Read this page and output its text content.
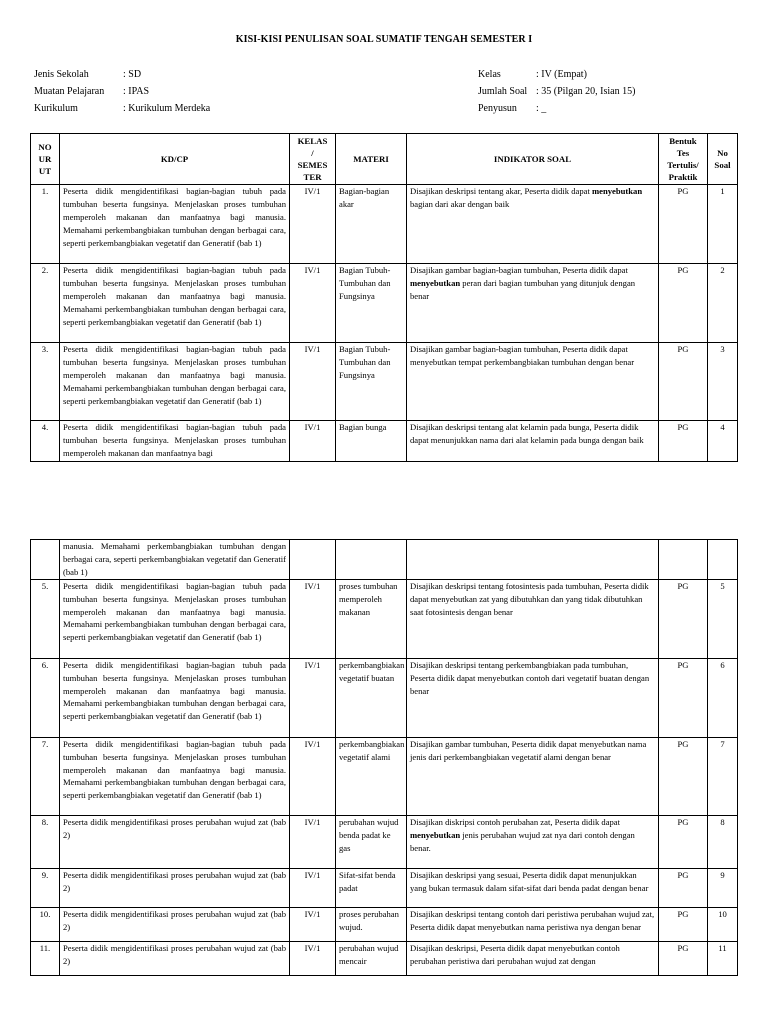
KISI-KISI PENULISAN SOAL SUMATIF TENGAH SEMESTER I
Jenis Sekolah	: SD
Muatan Pelajaran : IPAS
Kurikulum	: Kurikulum Merdeka
Kelas	: IV (Empat)
Jumlah Soal : 35 (Pilgan 20, Isian 15)
Penyusun : _
NO
UR
UT	KD/CP	KELAS
/
SEMES
TER	MATERI	INDIKATOR SOAL	Bentuk
Tes
Tertulis/
Praktik	No
Soal
1.	Peserta didik mengidentifikasi bagian-bagian tubuh pada tumbuhan beserta fungsinya. Menjelaskan proses tumbuhan memperoleh makanan dan manfaatnya bagi manusia. Memahami perkembangbiakan tumbuhan dengan berbagai cara, seperti perkembangbiakan vegetatif dan Generatif (bab 1)	IV/1	Bagian-bagian akar	Disajikan deskripsi tentang akar, Peserta didik dapat menyebutkan bagian dari akar dengan baik	PG	1
2.	Peserta didik mengidentifikasi bagian-bagian tubuh pada tumbuhan beserta fungsinya. Menjelaskan proses tumbuhan memperoleh makanan dan manfaatnya bagi manusia. Memahami perkembangbiakan tumbuhan dengan berbagai cara, seperti perkembangbiakan vegetatif dan Generatif (bab 1)	IV/1	Bagian Tubuh-Tumbuhan dan Fungsinya	Disajikan gambar bagian-bagian tumbuhan, Peserta didik dapat menyebutkan peran dari bagian tumbuhan yang ditunjuk dengan benar	PG	2
3.	Peserta didik mengidentifikasi bagian-bagian tubuh pada tumbuhan beserta fungsinya. Menjelaskan proses tumbuhan memperoleh makanan dan manfaatnya bagi manusia. Memahami perkembangbiakan tumbuhan dengan berbagai cara, seperti perkembangbiakan vegetatif dan Generatif (bab 1)	IV/1	Bagian Tubuh-Tumbuhan dan Fungsinya	Disajikan gambar bagian-bagian tumbuhan, Peserta didik dapat menyebutkan tempat perkembangbiakan tumbuhan dengan benar	PG	3
4.	Peserta didik mengidentifikasi bagian-bagian tubuh pada tumbuhan beserta fungsinya. Menjelaskan proses tumbuhan memperoleh makanan dan manfaatnya bagi	IV/1	Bagian bunga	Disajikan deskripsi tentang alat kelamin pada bunga, Peserta didik dapat menunjukkan nama dari alat kelamin pada bunga dengan baik	PG	4
	manusia. Memahami perkembangbiakan tumbuhan dengan berbagai cara, seperti perkembangbiakan vegetatif dan Generatif (bab 1)					
5.	Peserta didik mengidentifikasi bagian-bagian tubuh pada tumbuhan beserta fungsinya. Menjelaskan proses tumbuhan memperoleh makanan dan manfaatnya bagi manusia. Memahami perkembangbiakan tumbuhan dengan berbagai cara, seperti perkembangbiakan vegetatif dan Generatif (bab 1)	IV/1	proses tumbuhan memperoleh makanan	Disajikan deskripsi tentang fotosintesis pada tumbuhan, Peserta didik dapat menyebutkan zat yang dibutuhkan dan yang tidak dibutuhkan saat fotosintesis dengan benar	PG	5
6.	Peserta didik mengidentifikasi bagian-bagian tubuh pada tumbuhan beserta fungsinya. Menjelaskan proses tumbuhan memperoleh makanan dan manfaatnya bagi manusia. Memahami perkembangbiakan tumbuhan dengan berbagai cara, seperti perkembangbiakan vegetatif dan Generatif (bab 1)	IV/1	perkembangbiakan vegetatif buatan	Disajikan deskripsi tentang perkembangbiakan pada tumbuhan, Peserta didik dapat menyebutkan contoh dari vegetatif buatan dengan benar	PG	6
7.	Peserta didik mengidentifikasi bagian-bagian tubuh pada tumbuhan beserta fungsinya. Menjelaskan proses tumbuhan memperoleh makanan dan manfaatnya bagi manusia. Memahami perkembangbiakan tumbuhan dengan berbagai cara, seperti perkembangbiakan vegetatif dan Generatif (bab 1)	IV/1	perkembangbiakan vegetatif alami	Disajikan gambar tumbuhan, Peserta didik dapat menyebutkan nama jenis dari perkembangbiakan vegetatif alami dengan benar	PG	7
8.	Peserta didik mengidentifikasi proses perubahan wujud zat (bab 2)	IV/1	perubahan wujud benda padat ke gas	Disajikan diskripsi contoh perubahan zat, Peserta didik dapat menyebutkan jenis perubahan wujud zat nya dari contoh dengan benar.	PG	8
9.	Peserta didik mengidentifikasi proses perubahan wujud zat (bab 2)	IV/1	Sifat-sifat benda padat	Disajikan deskripsi yang sesuai, Peserta didik dapat menunjukkan yang bukan termasuk dalam sifat-sifat dari benda padat dengan benar	PG	9
10.	Peserta didik mengidentifikasi proses perubahan wujud zat (bab 2)	IV/1	proses perubahan wujud.	Disajikan deskripsi tentang contoh dari peristiwa perubahan wujud zat, Peserta didik dapat menyebutkan nama peristiwa nya dengan benar	PG	10
11.	Peserta didik mengidentifikasi proses perubahan wujud zat (bab 2)	IV/1	perubahan wujud mencair	Disajikan deskripsi, Peserta didik dapat menyebutkan contoh perubahan peristiwa dari perubahan wujud zat dengan	PG	11
